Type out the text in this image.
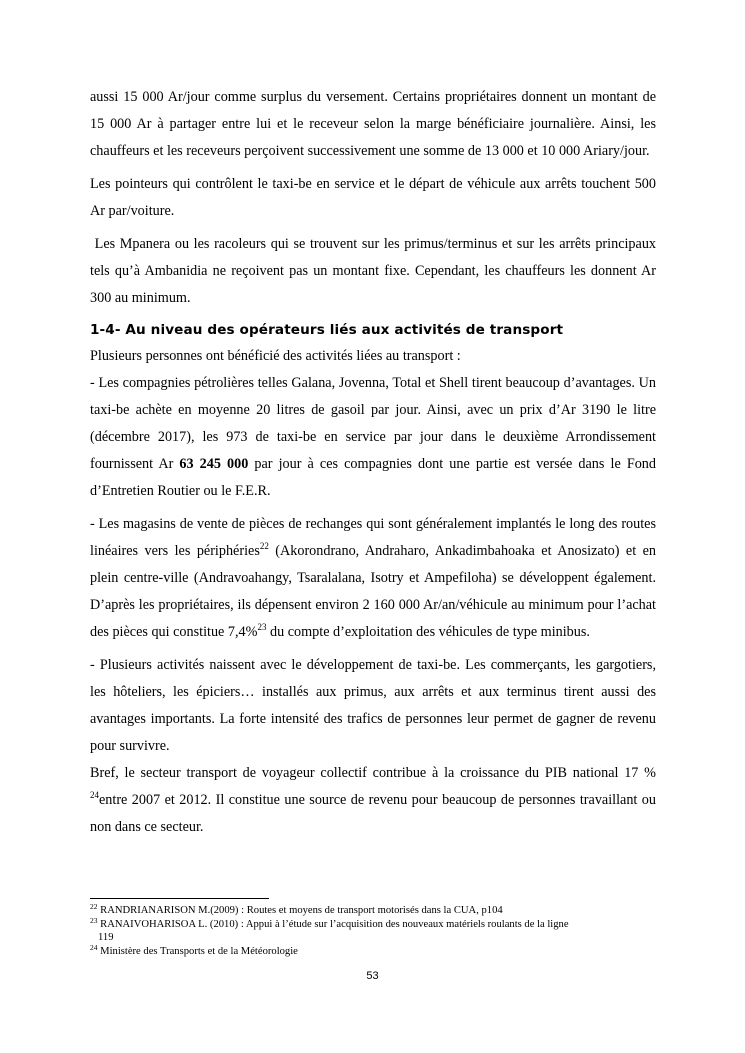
aussi 15 000 Ar/jour comme surplus du versement. Certains propriétaires donnent un montant de 15 000 Ar à partager entre lui et le receveur selon la marge bénéficiaire journalière. Ainsi, les chauffeurs et les receveurs perçoivent successivement une somme de 13 000 et 10 000 Ariary/jour.

Les pointeurs qui contrôlent le taxi-be en service et le départ de véhicule aux arrêts touchent 500 Ar par/voiture.

Les Mpanera ou les racoleurs qui se trouvent sur les primus/terminus et sur les arrêts principaux tels qu’à Ambanidia ne reçoivent pas un montant fixe. Cependant, les chauffeurs les donnent Ar 300 au minimum.

1-4- Au niveau des opérateurs liés aux activités de transport

Plusieurs personnes ont bénéficié des activités liées au transport :

- Les compagnies pétrolières telles Galana, Jovenna, Total et Shell tirent beaucoup d’avantages. Un taxi-be achète en moyenne 20 litres de gasoil par jour. Ainsi, avec un prix d’Ar 3190 le litre (décembre 2017), les 973 de taxi-be en service par jour dans le deuxième Arrondissement fournissent Ar 63 245 000 par jour à ces compagnies dont une partie est versée dans le Fond d’Entretien Routier ou le F.E.R.

- Les magasins de vente de pièces de rechanges qui sont généralement implantés le long des routes linéaires vers les périphéries$^{22}$ (Akorondrano, Andraharo, Ankadimbahoaka et Anosizato) et en plein centre-ville (Andravoahangy, Tsaralalana, Isotry et Ampefiloha) se développent également. D’après les propriétaires, ils dépensent environ 2 160 000 Ar/an/véhicule au minimum pour l’achat des pièces qui constitue 7,4%$^{23}$ du compte d’exploitation des véhicules de type minibus.

- Plusieurs activités naissent avec le développement de taxi-be. Les commerçants, les gargotiers, les hôteliers, les épiciers… installés aux primus, aux arrêts et aux terminus tirent aussi des avantages importants. La forte intensité des trafics de personnes leur permet de gagner de revenu pour survivre.

Bref, le secteur transport de voyageur collectif contribue à la croissance du PIB national 17 % $^{24}$entre 2007 et 2012. Il constitue une source de revenu pour beaucoup de personnes travaillant ou non dans ce secteur.

$^{22}$ RANDRIANARISON M.(2009) : Routes et moyens de transport motorisés dans la CUA, p104

$^{23}$ RANAIVOHARISOA L. (2010) : Appui à l’étude sur l’acquisition des nouveaux matériels roulants de la ligne
119

$^{24}$ Ministère des Transports et de la Météorologie

53
